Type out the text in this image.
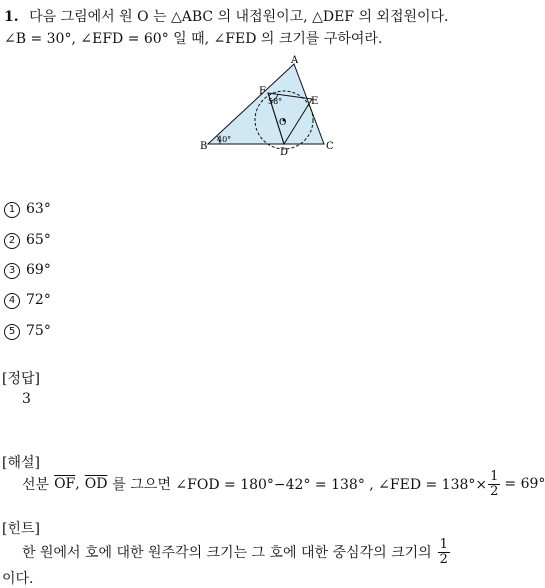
1. 다음 그림에서 원 O 는 △ABC 의 내접원이고, △DEF 의 외접원이다.
∠B = 30°, ∠EFD = 60° 일 때, ∠FED 의 크기를 구하여라.
A
B	C
D
E
F
O
40°
58°
1 63°
2 65°
3 69°
4 72°
5 75°
[정답]
3
[해설]
선분 $\overline{OF}$ , $\overline{OD}$ 를 그으면 ∠FOD = 180°−42° = 138° , ∠FED = $138^\circ\times \frac{1}{2} = 69^\circ$
[힌트]
한 원에서 호에 대한 원주각의 크기는 그 호에 대한 중심각의 크기의 $\frac{1}{2}$
이다.
